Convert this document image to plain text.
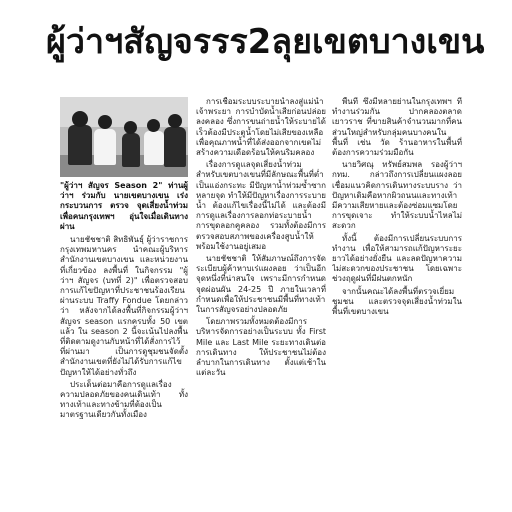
ผู้ว่าฯสัญจรรร2ลุยเขตบางเขน
"ผู้ว่าฯ สัญจร Season 2" ท่านผู้ว่าฯ ร่วมกับ นายเขตบางเขน เร่งกระบวนการ ตรวจ จุดเสี่ยงน้ำท่วม เพื่อคนกรุงเทพฯ อุ่นใจเมื่อเดินทางผ่าน

นายชัชชาติ สิทธิพันธุ์ ผู้ว่าราชการกรุงเทพมหานคร นำคณะผู้บริหาร สำนักงานเขตบางเขน และหน่วยงานที่เกี่ยวข้อง ลงพื้นที่ ในกิจกรรม "ผู้ว่าฯ สัญจร (บทที่ 2)" เพื่อตรวจสอบการแก้ไขปัญหาที่ประชาชนร้องเรียนผ่านระบบ Traffy Fondue โดยกล่าวว่า หลังจากได้ลงพื้นที่กิจกรรมผู้ว่าฯ สัญจร season แรกครบทั้ง 50 เขตแล้ว ใน season 2 นี้จะเน้นไปลงพื้นที่ติดตามดูงานกับหน้าที่ได้สั่งการไว้ ที่ผ่านมา เป็นการดูชุมชนจัดตั้งสำนักงานเขตที่ยังไม่ได้รับการแก้ไขปัญหาให้ได้อย่างทั่วถึง

ประเด็นต่อมาคือการดูแลเรื่องความปลอดภัยของคนเดินเท้า ทั้งทางเท้าและทางข้ามที่ต้องเป็นมาตรฐานเดียวกันทั้งเมือง

การเชื่อมระบบระบายน้ำลงสู่แม่น้ำเจ้าพระยา การบำบัดน้ำเสียก่อนปล่อยลงคลอง ซึ่งการขนถ่ายน้ำให้ระบายได้เร็วต้องมีประตูน้ำโดยไม่เสียของเหลือเพื่อคุณภาพน้ำที่ได้ส่งออกจากเขตไม่สร้างความเดือดร้อนให้คนริมคลอง

เรื่องการดูแลจุดเสี่ยงน้ำท่วม สำหรับเขตบางเขนที่มีลักษณะพื้นที่ต่ำเป็นแอ่งกระทะ มีปัญหาน้ำท่วมซ้ำซากหลายจุด ทำให้มีปัญหาเรื่องการระบายน้ำ ต้องแก้ไขเรื่องนี้ไม่ได้ และต้องมีการดูแลเรื่องการลอกท่อระบายน้ำ การขุดลอกคูคลอง รวมทั้งต้องมีการตรวจสอบสภาพของเครื่องสูบน้ำให้พร้อมใช้งานอยู่เสมอ

นายชัชชาติ ให้สัมภาษณ์ถึงการจัดระเบียบผู้ค้าหาบเร่แผงลอย ว่าเป็นอีกจุดหนึ่งที่น่าสนใจ เพราะมีการกำหนดจุดผ่อนผัน 24-25 ปี ภายในเวลาที่กำหนดเพื่อให้ประชาชนมีพื้นที่ทางเท้าในการสัญจรอย่างปลอดภัย

โดยภาพรวมทั้งหมดต้องมีการบริหารจัดการอย่างเป็นระบบ ทั้ง First Mile และ Last Mile ระยะทางเดินต่อการเดินทาง ให้ประชาชนไม่ต้องลำบากในการเดินทาง ตั้งแต่เช้าในแต่ละวัน

พื้นที่ ซึ่งมีหลายย่านในกรุงเทพฯ ที่ทำงานร่วมกัน ปากคลองตลาด เยาวราช ที่ขายสินค้าจำนวนมากที่คนส่วนใหญ่สำหรับกลุ่มคนบางคนในพื้นที่ เช่น วัด ร้านอาหารในพื้นที่ต้องการความร่วมมือกัน

นายวิศณุ ทรัพย์สมพล รองผู้ว่าฯ กทม. กล่าวถึงการเปลี่ยนแผงลอยเชื่อมแนวคิดการเดินทางระบบราง ว่า ปัญหาเดิมคือหากผิวถนนและทางเท้ามีความเสียหายและต้องซ่อมแซมโดยการขุดเจาะ ทำให้ระบบน้ำไหลไม่สะดวก

ทั้งนี้ ต้องมีการเปลี่ยนระบบการทำงาน เพื่อให้สามารถแก้ปัญหาระยะยาวได้อย่างยั่งยืน และลดปัญหาความไม่สะดวกของประชาชน โดยเฉพาะช่วงฤดูฝนที่มีฝนตกหนัก

จากนั้นคณะได้ลงพื้นที่ตรวจเยี่ยมชุมชน และตรวจจุดเสี่ยงน้ำท่วมในพื้นที่เขตบางเขน
